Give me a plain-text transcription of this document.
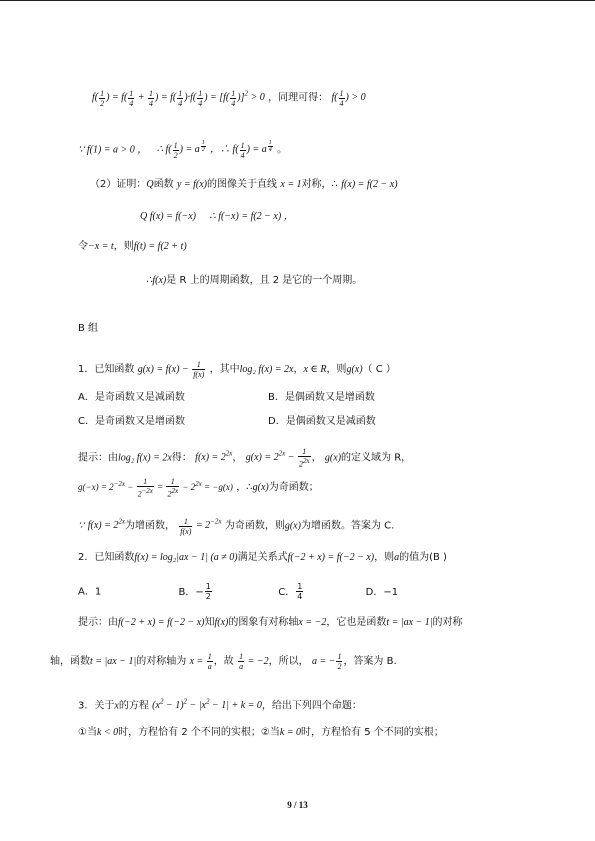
$f( \frac{1}{2}$ ) = $f( \frac{1}{4} + \frac{1}{4}$ ) = $f( \frac{1}{4} )\cdot f( \frac{1}{4}$ ) = $[f( \frac{1}{4} )]^2 > 0$ ，同理可得： $f( \frac{1}{4}$ ) > 0
∵ f(1) = a > 0 ， ∴ $f( \frac{1}{2}$ ) = a $^{\frac{1}{2}}$ ，∴ $f( \frac{1}{4}$ ) = a $^{\frac{1}{4}}$ 。
（2）证明：Q函数 y = f(x)的图像关于直线 x = 1对称，∴ f(x) = f(2 − x)
Q f(x) = f(−x) ∴ f(−x) = f(2 − x) ，
令−x = t，则f(t) = f(2 + t)
∴f(x)是 R 上的周期函数，且 2 是它的一个周期。
B 组
1．已知函数 $g(x) = f(x) - \frac{1}{f(x)}$ ，其中log₂ f(x) = 2x，x ∈ R，则g(x)（ C ）
A．是奇函数又是减函数	B．是偶函数又是增函数
C．是奇函数又是增函数	D．是偶函数又是减函数
提示：由log₂ f(x) = 2x得： $f(x) = 2^{2x}$， $g(x) = 2^{2x} - \frac{1}{2^{2x}}$ ， g(x)的定义域为 R，
$g(-x) = 2^{-2x} - \frac{1}{2^{-2x}} = \frac{1}{2^{2x}} - 2^{2x} = -g(x)$ ，∴g(x)为奇函数；
∵ $f(x) = 2^{2x}$为增函数， $\frac{1}{f(x)} = 2^{-2x}$ 为奇函数，则g(x)为增函数。答案为 C.
2．已知函数f(x) = log₂|ax − 1| (a ≠ 0)满足关系式f(−2 + x) = f(−2 − x)，则a的值为(B )
A．1	B．− $\frac{1}{2}$	C． $\frac{1}{4}$	D．−1
提示：由f(−2 + x) = f(−2 − x)知f(x)的图象有对称轴x = −2，它也是函数t = |ax − 1|的对称
轴，函数t = |ax − 1|的对称轴为 $x = \frac{1}{a}$ ，故 $\frac{1}{a} = -2$，所以， a = − $\frac{1}{2}$ ，答案为 B.
3．关于x的方程 $(x^2 - 1)^2 - |x^2 - 1| + k = 0$，给出下列四个命题：
①当k < 0时，方程恰有 2 个不同的实根；②当k = 0时，方程恰有 5 个不同的实根；
9 / 13
